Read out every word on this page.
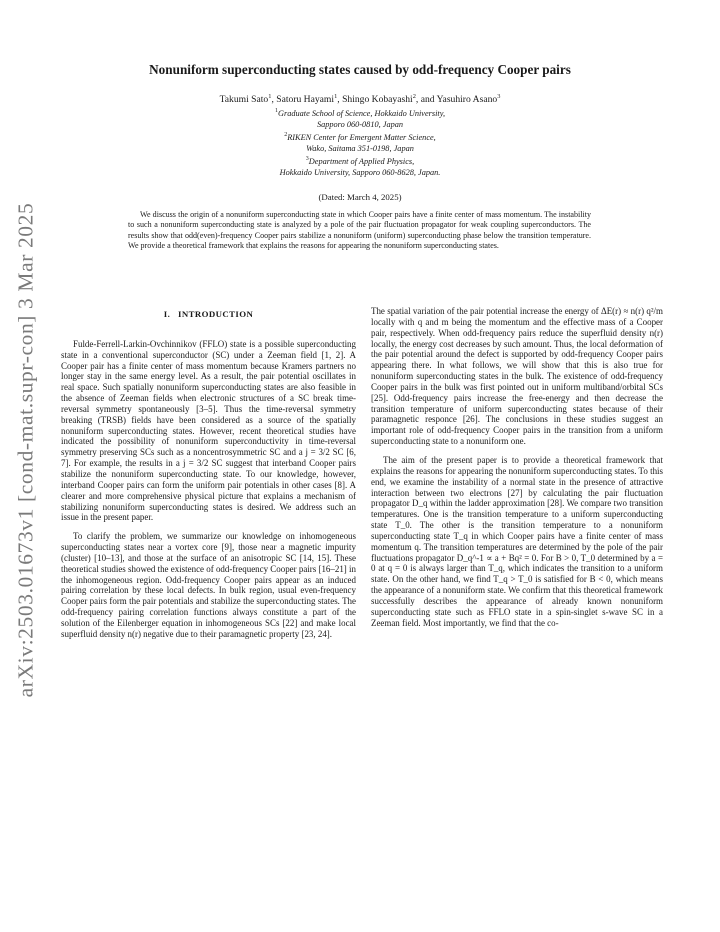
arXiv:2503.01673v1 [cond-mat.supr-con] 3 Mar 2025
Nonuniform superconducting states caused by odd-frequency Cooper pairs
Takumi Sato$^1$, Satoru Hayami$^1$, Shingo Kobayashi$^2$, and Yasuhiro Asano$^3$
$^1$Graduate School of Science, Hokkaido University,
Sapporo 060-0810, Japan
$^2$RIKEN Center for Emergent Matter Science,
Wako, Saitama 351-0198, Japan
$^3$Department of Applied Physics,
Hokkaido University, Sapporo 060-8628, Japan.
(Dated: March 4, 2025)
We discuss the origin of a nonuniform superconducting state in which Cooper pairs have a finite center of mass momentum. The instability to such a nonuniform superconducting state is analyzed by a pole of the pair fluctuation propagator for weak coupling superconductors. The results show that odd(even)-frequency Cooper pairs stabilize a nonuniform (uniform) superconducting phase below the transition temperature. We provide a theoretical framework that explains the reasons for appearing the nonuniform superconducting states.
I. INTRODUCTION

Fulde-Ferrell-Larkin-Ovchinnikov (FFLO) state is a possible superconducting state in a conventional superconductor (SC) under a Zeeman field [1, 2]. A Cooper pair has a finite center of mass momentum because Kramers partners no longer stay in the same energy level. As a result, the pair potential oscillates in real space. Such spatially nonuniform superconducting states are also feasible in the absence of Zeeman fields when electronic structures of a SC break time-reversal symmetry spontaneously [3–5]. Thus the time-reversal symmetry breaking (TRSB) fields have been considered as a source of the spatially nonuniform superconducting states. However, recent theoretical studies have indicated the possibility of nonuniform superconductivity in time-reversal symmetry preserving SCs such as a noncentrosymmetric SC and a j = 3/2 SC [6, 7]. For example, the results in a j = 3/2 SC suggest that interband Cooper pairs stabilize the nonuniform superconducting state. To our knowledge, however, interband Cooper pairs can form the uniform pair potentials in other cases [8]. A clearer and more comprehensive physical picture that explains a mechanism of stabilizing nonuniform superconducting states is desired. We address such an issue in the present paper.

To clarify the problem, we summarize our knowledge on inhomogeneous superconducting states near a vortex core [9], those near a magnetic impurity (cluster) [10–13], and those at the surface of an anisotropic SC [14, 15]. These theoretical studies showed the existence of odd-frequency Cooper pairs [16–21] in the inhomogeneous region. Odd-frequency Cooper pairs appear as an induced pairing correlation by these local defects. In bulk region, usual even-frequency Cooper pairs form the pair potentials and stabilize the superconducting states. The odd-frequency pairing correlation functions always constitute a part of the solution of the Eilenberger equation in inhomogeneous SCs [22] and make local superfluid density n(r) negative due to their paramagnetic property [23, 24].

The spatial variation of the pair potential increase the energy of ΔE(r) ≈ n(r) q²/m locally with q and m being the momentum and the effective mass of a Cooper pair, respectively. When odd-frequency pairs reduce the superfluid density n(r) locally, the energy cost decreases by such amount. Thus, the local deformation of the pair potential around the defect is supported by odd-frequency Cooper pairs appearing there. In what follows, we will show that this is also true for nonuniform superconducting states in the bulk. The existence of odd-frequency Cooper pairs in the bulk was first pointed out in uniform multiband/orbital SCs [25]. Odd-frequency pairs increase the free-energy and then decrease the transition temperature of uniform superconducting states because of their paramagnetic responce [26]. The conclusions in these studies suggest an important role of odd-frequency Cooper pairs in the transition from a uniform superconducting state to a nonuniform one.

The aim of the present paper is to provide a theoretical framework that explains the reasons for appearing the nonuniform superconducting states. To this end, we examine the instability of a normal state in the presence of attractive interaction between two electrons [27] by calculating the pair fluctuation propagator D_q within the ladder approximation [28]. We compare two transition temperatures. One is the transition temperature to a uniform superconducting state T_0. The other is the transition temperature to a nonuniform superconducting state T_q in which Cooper pairs have a finite center of mass momentum q. The transition temperatures are determined by the pole of the pair fluctuations propagator D_q^-1 ∝ a + Bq² = 0. For B > 0, T_0 determined by a = 0 at q = 0 is always larger than T_q, which indicates the transition to a uniform state. On the other hand, we find T_q > T_0 is satisfied for B < 0, which means the appearance of a nonuniform state. We confirm that this theoretical framework successfully describes the appearance of already known nonuniform superconducting state such as FFLO state in a spin-singlet s-wave SC in a Zeeman field. Most importantly, we find that the co-
